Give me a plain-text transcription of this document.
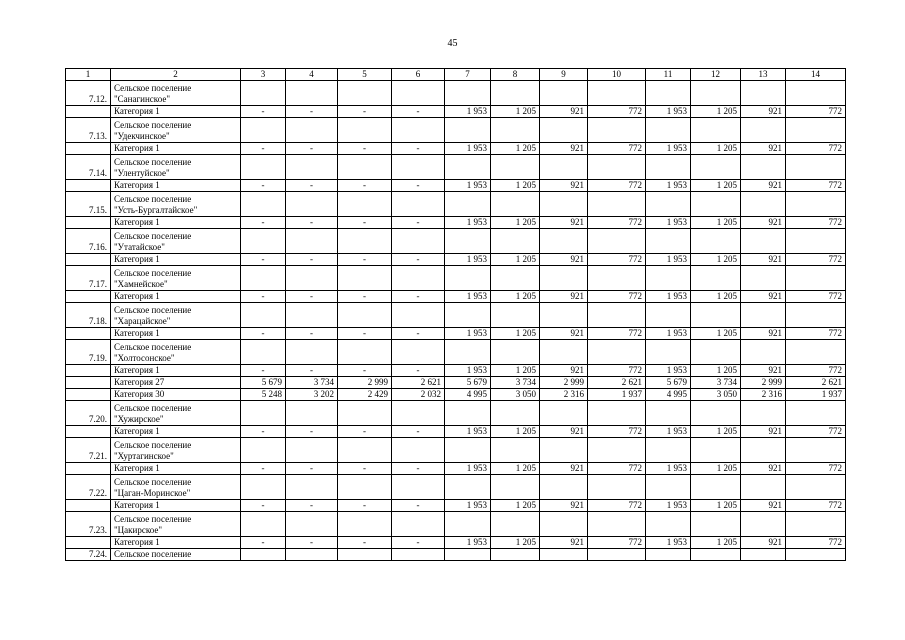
45
1	2	3	4	5	6	7	8	9	10	11	12	13	14
7.12.	Сельское поселение
"Санагинское"												
	Категория 1	-	-	-	-	1 953	1 205	921	772	1 953	1 205	921	772
7.13.	Сельское поселение
"Удекчинское"												
	Категория 1	-	-	-	-	1 953	1 205	921	772	1 953	1 205	921	772
7.14.	Сельское поселение
"Улентуйское"												
	Категория 1	-	-	-	-	1 953	1 205	921	772	1 953	1 205	921	772
7.15.	Сельское поселение
"Усть-Бургалтайское"												
	Категория 1	-	-	-	-	1 953	1 205	921	772	1 953	1 205	921	772
7.16.	Сельское поселение
"Утатайское"												
	Категория 1	-	-	-	-	1 953	1 205	921	772	1 953	1 205	921	772
7.17.	Сельское поселение
"Хамнейское"												
	Категория 1	-	-	-	-	1 953	1 205	921	772	1 953	1 205	921	772
7.18.	Сельское поселение
"Харацайское"												
	Категория 1	-	-	-	-	1 953	1 205	921	772	1 953	1 205	921	772
7.19.	Сельское поселение
"Холтосонское"												
	Категория 1	-	-	-	-	1 953	1 205	921	772	1 953	1 205	921	772
	Категория 27	5 679	3 734	2 999	2 621	5 679	3 734	2 999	2 621	5 679	3 734	2 999	2 621
	Категория 30	5 248	3 202	2 429	2 032	4 995	3 050	2 316	1 937	4 995	3 050	2 316	1 937
7.20.	Сельское поселение
"Хужирское"												
	Категория 1	-	-	-	-	1 953	1 205	921	772	1 953	1 205	921	772
7.21.	Сельское поселение
"Хуртагинское"												
	Категория 1	-	-	-	-	1 953	1 205	921	772	1 953	1 205	921	772
7.22.	Сельское поселение
"Цаган-Моринское"												
	Категория 1	-	-	-	-	1 953	1 205	921	772	1 953	1 205	921	772
7.23.	Сельское поселение
"Цакирское"												
	Категория 1	-	-	-	-	1 953	1 205	921	772	1 953	1 205	921	772
7.24.	Сельское поселение												
